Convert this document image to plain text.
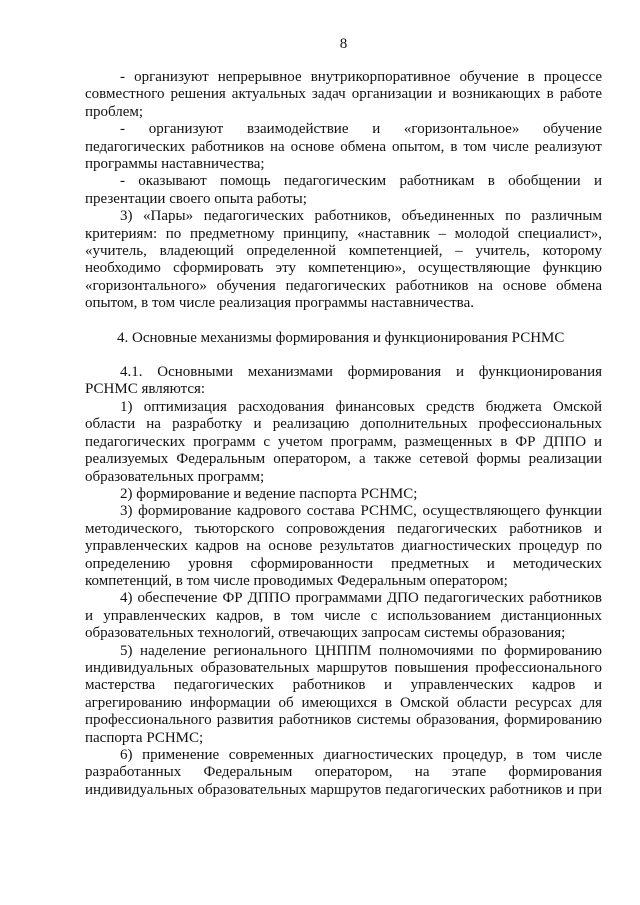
8

- организуют непрерывное внутрикорпоративное обучение в процессе совместного решения актуальных задач организации и возникающих в работе проблем;

- организуют взаимодействие и «горизонтальное» обучение педагогических работников на основе обмена опытом, в том числе реализуют программы наставничества;

- оказывают помощь педагогическим работникам в обобщении и презентации своего опыта работы;

3) «Пары» педагогических работников, объединенных по различным критериям: по предметному принципу, «наставник – молодой специалист», «учитель, владеющий определенной компетенцией, – учитель, которому необходимо сформировать эту компетенцию», осуществляющие функцию «горизонтального» обучения педагогических работников на основе обмена опытом, в том числе реализация программы наставничества.

4. Основные механизмы формирования и функционирования РСНМС

4.1. Основными механизмами формирования и функционирования РСНМС являются:

1) оптимизация расходования финансовых средств бюджета Омской области на разработку и реализацию дополнительных профессиональных педагогических программ с учетом программ, размещенных в ФР ДППО и реализуемых Федеральным оператором, а также сетевой формы реализации образовательных программ;

2) формирование и ведение паспорта РСНМС;

3) формирование кадрового состава РСНМС, осуществляющего функции методического, тьюторского сопровождения педагогических работников и управленческих кадров на основе результатов диагностических процедур по определению уровня сформированности предметных и методических компетенций, в том числе проводимых Федеральным оператором;

4) обеспечение ФР ДППО программами ДПО педагогических работников и управленческих кадров, в том числе с использованием дистанционных образовательных технологий, отвечающих запросам системы образования;

5) наделение регионального ЦНППМ полномочиями по формированию индивидуальных образовательных маршрутов повышения профессионального мастерства педагогических работников и управленческих кадров и агрегированию информации об имеющихся в Омской области ресурсах для профессионального развития работников системы образования, формированию паспорта РСНМС;

6) применение современных диагностических процедур, в том числе разработанных Федеральным оператором, на этапе формирования индивидуальных образовательных маршрутов педагогических работников и при
